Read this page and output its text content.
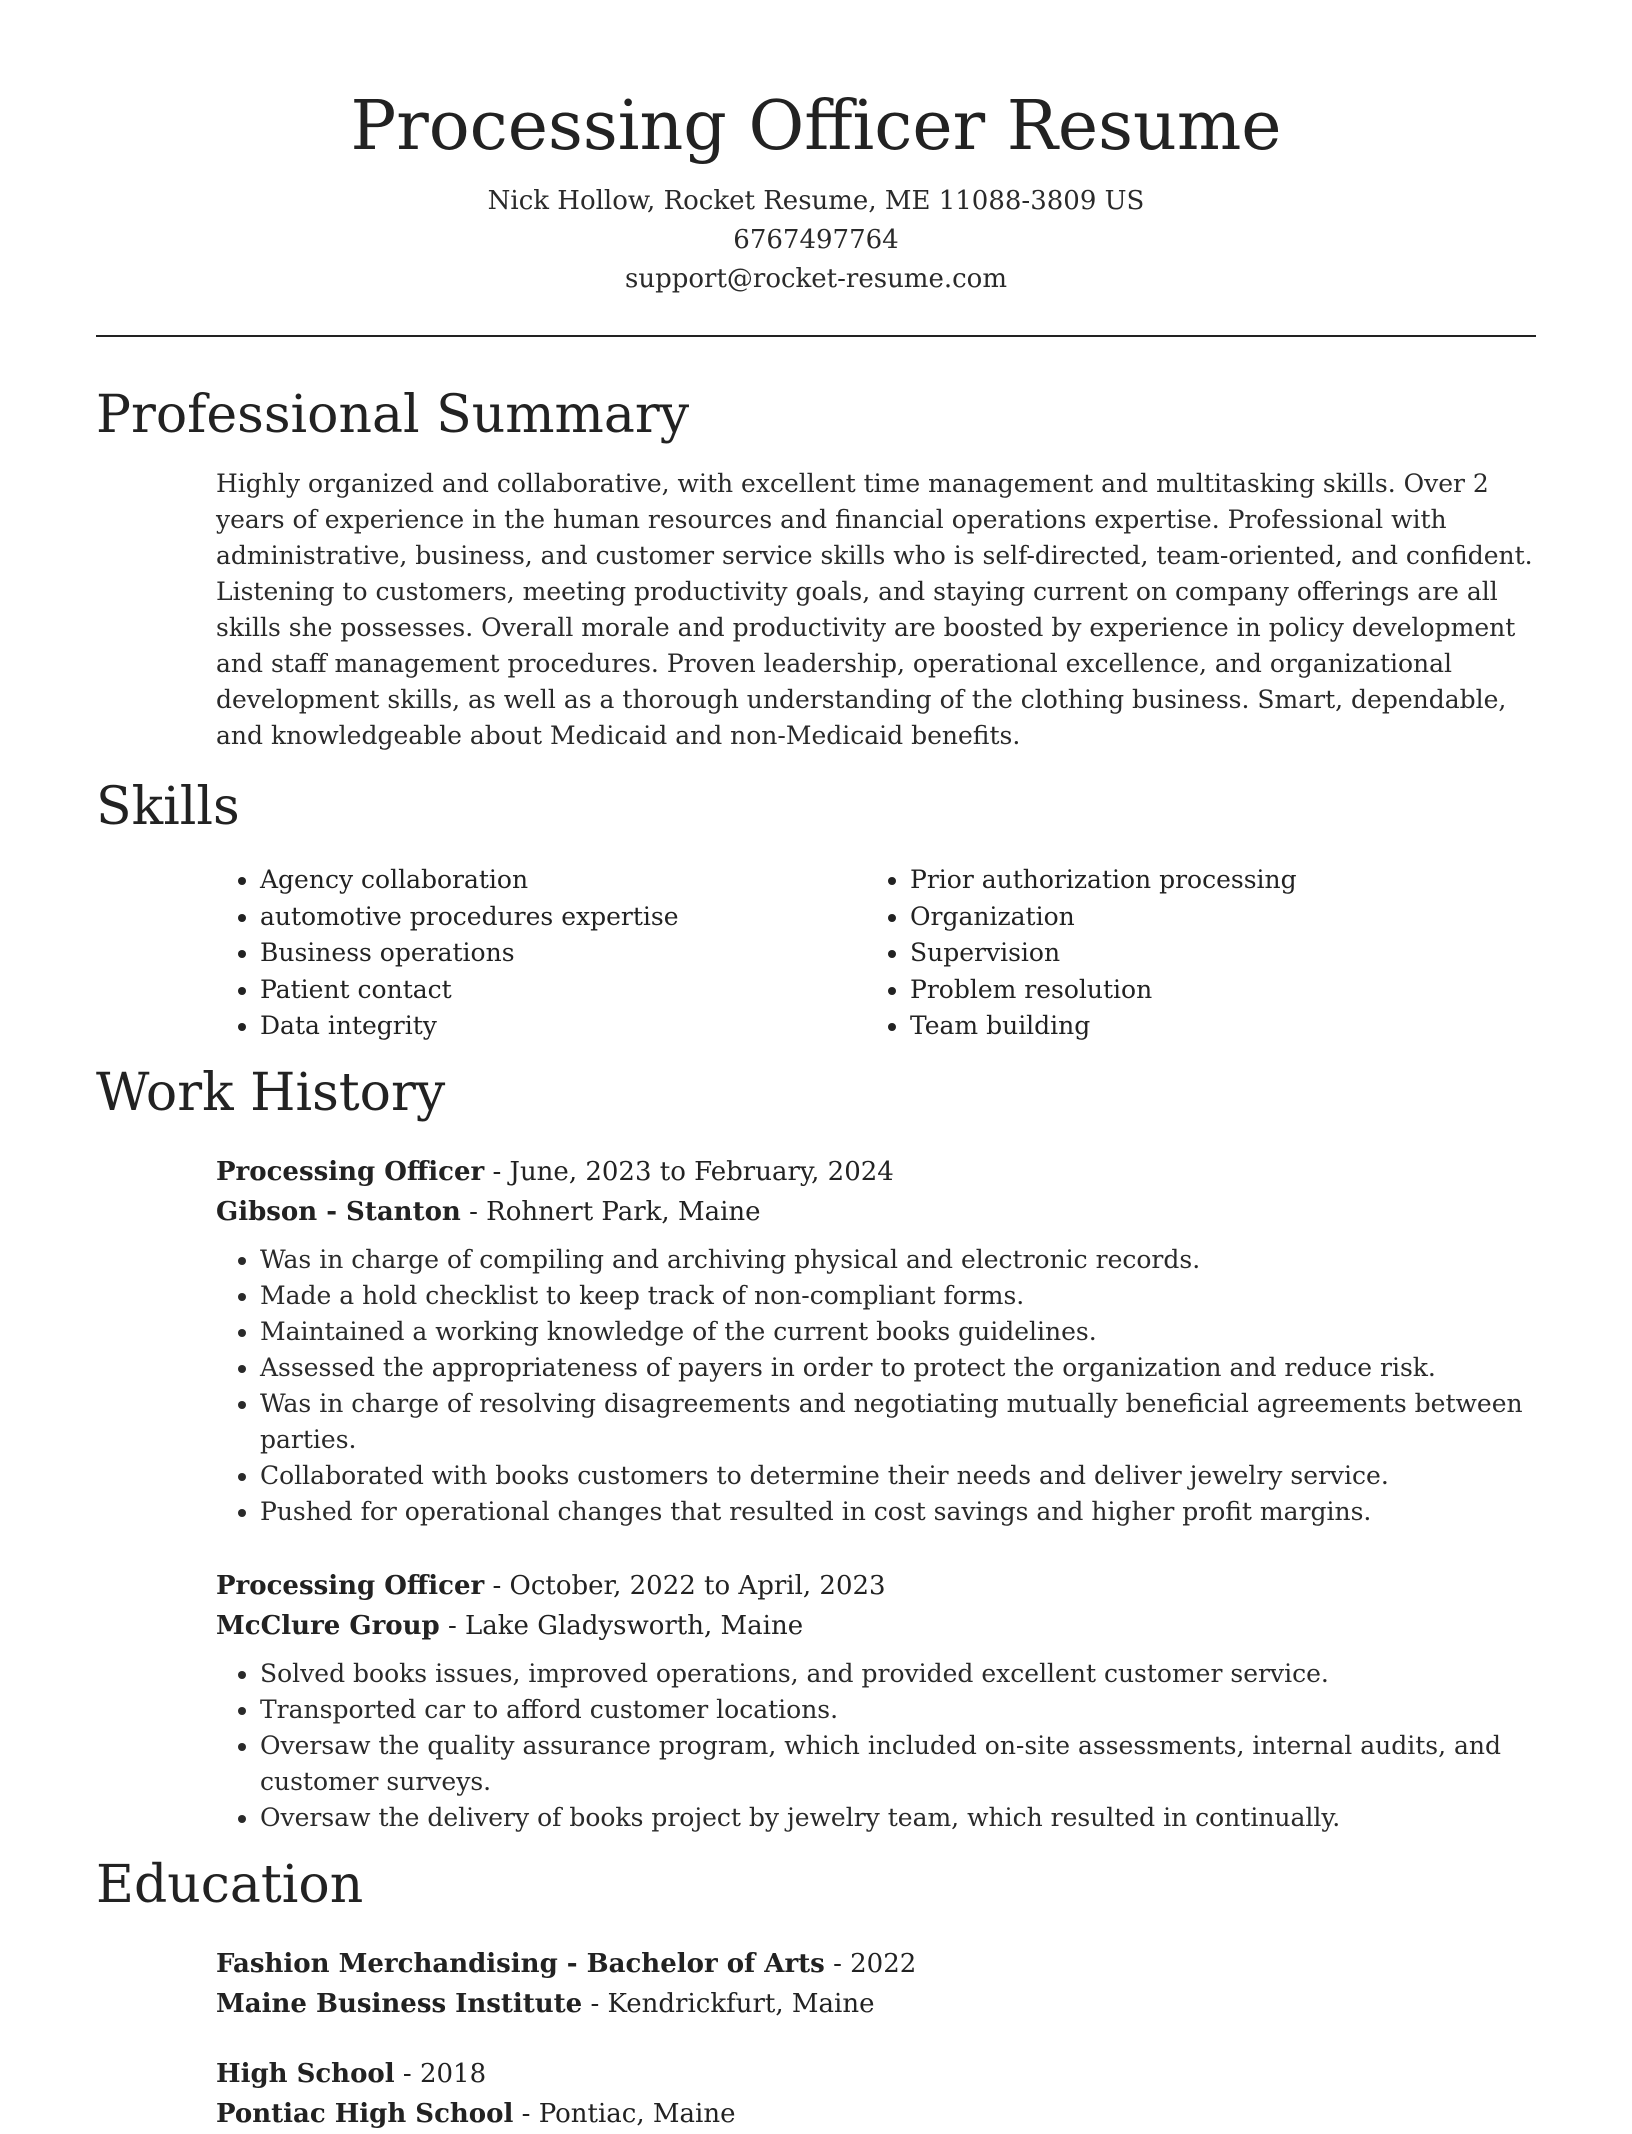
Processing Officer Resume
Nick Hollow, Rocket Resume, ME 11088-3809 US
6767497764
support@rocket-resume.com
Professional Summary

Highly organized and collaborative, with excellent time management and multitasking skills. Over 2 years of experience in the human resources and financial operations expertise. Professional with administrative, business, and customer service skills who is self-directed, team-oriented, and confident. Listening to customers, meeting productivity goals, and staying current on company offerings are all skills she possesses. Overall morale and productivity are boosted by experience in policy development and staff management procedures. Proven leadership, operational excellence, and organizational development skills, as well as a thorough understanding of the clothing business. Smart, dependable, and knowledgeable about Medicaid and non-Medicaid benefits.

Skills
• Agency collaboration
• automotive procedures expertise
• Business operations
• Patient contact
• Data integrity
• Prior authorization processing
• Organization
• Supervision
• Problem resolution
• Team building
Work History
Processing Officer - June, 2023 to February, 2024
Gibson - Stanton - Rohnert Park, Maine
• Was in charge of compiling and archiving physical and electronic records.
• Made a hold checklist to keep track of non-compliant forms.
• Maintained a working knowledge of the current books guidelines.
• Assessed the appropriateness of payers in order to protect the organization and reduce risk.
• Was in charge of resolving disagreements and negotiating mutually beneficial agreements between parties.
• Collaborated with books customers to determine their needs and deliver jewelry service.
• Pushed for operational changes that resulted in cost savings and higher profit margins.
Processing Officer - October, 2022 to April, 2023
McClure Group - Lake Gladysworth, Maine
• Solved books issues, improved operations, and provided excellent customer service.
• Transported car to afford customer locations.
• Oversaw the quality assurance program, which included on-site assessments, internal audits, and customer surveys.
• Oversaw the delivery of books project by jewelry team, which resulted in continually.
Education
Fashion Merchandising - Bachelor of Arts - 2022
Maine Business Institute - Kendrickfurt, Maine
High School - 2018
Pontiac High School - Pontiac, Maine
